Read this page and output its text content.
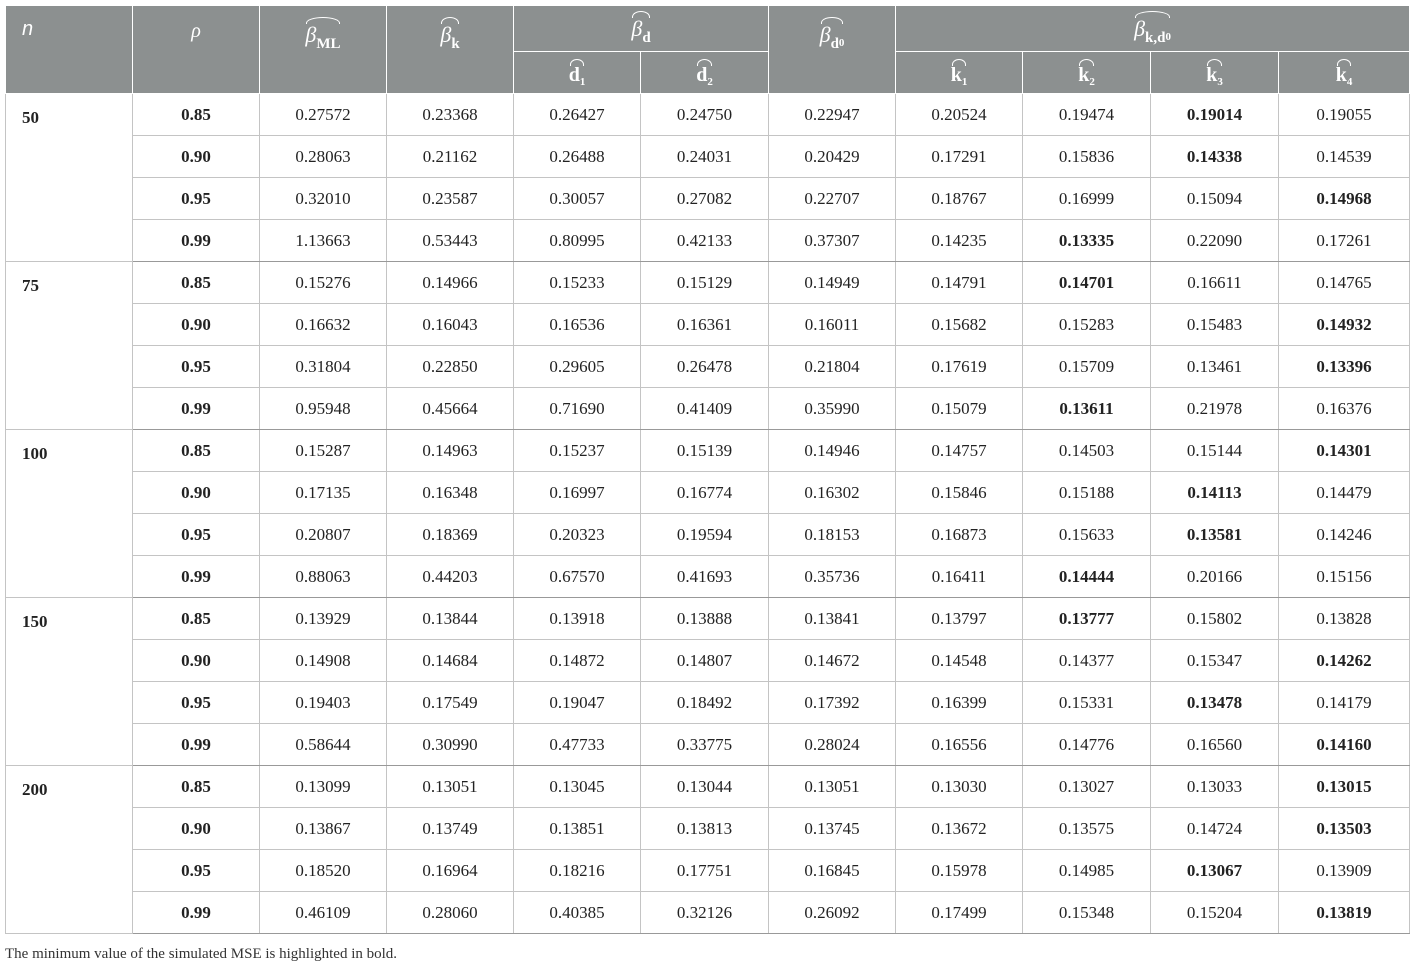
n	ρ	$\beta_{ML}$	$\beta_k$	$\beta_d$		$\beta_{d0}$	$\beta_{k,d0}$
				$d_1$	$d_2$		$k_1$	$k_2$	$k_3$	$k_4$
50	0.85	0.27572	0.23368	0.26427	0.24750	0.22947	0.20524	0.19474	0.19014	0.19055
	0.90	0.28063	0.21162	0.26488	0.24031	0.20429	0.17291	0.15836	0.14338	0.14539
	0.95	0.32010	0.23587	0.30057	0.27082	0.22707	0.18767	0.16999	0.15094	0.14968
	0.99	1.13663	0.53443	0.80995	0.42133	0.37307	0.14235	0.13335	0.22090	0.17261
75	0.85	0.15276	0.14966	0.15233	0.15129	0.14949	0.14791	0.14701	0.16611	0.14765
	0.90	0.16632	0.16043	0.16536	0.16361	0.16011	0.15682	0.15283	0.15483	0.14932
	0.95	0.31804	0.22850	0.29605	0.26478	0.21804	0.17619	0.15709	0.13461	0.13396
	0.99	0.95948	0.45664	0.71690	0.41409	0.35990	0.15079	0.13611	0.21978	0.16376
100	0.85	0.15287	0.14963	0.15237	0.15139	0.14946	0.14757	0.14503	0.15144	0.14301
	0.90	0.17135	0.16348	0.16997	0.16774	0.16302	0.15846	0.15188	0.14113	0.14479
	0.95	0.20807	0.18369	0.20323	0.19594	0.18153	0.16873	0.15633	0.13581	0.14246
	0.99	0.88063	0.44203	0.67570	0.41693	0.35736	0.16411	0.14444	0.20166	0.15156
150	0.85	0.13929	0.13844	0.13918	0.13888	0.13841	0.13797	0.13777	0.15802	0.13828
	0.90	0.14908	0.14684	0.14872	0.14807	0.14672	0.14548	0.14377	0.15347	0.14262
	0.95	0.19403	0.17549	0.19047	0.18492	0.17392	0.16399	0.15331	0.13478	0.14179
	0.99	0.58644	0.30990	0.47733	0.33775	0.28024	0.16556	0.14776	0.16560	0.14160
200	0.85	0.13099	0.13051	0.13045	0.13044	0.13051	0.13030	0.13027	0.13033	0.13015
	0.90	0.13867	0.13749	0.13851	0.13813	0.13745	0.13672	0.13575	0.14724	0.13503
	0.95	0.18520	0.16964	0.18216	0.17751	0.16845	0.15978	0.14985	0.13067	0.13909
	0.99	0.46109	0.28060	0.40385	0.32126	0.26092	0.17499	0.15348	0.15204	0.13819
The minimum value of the simulated MSE is highlighted in bold.
